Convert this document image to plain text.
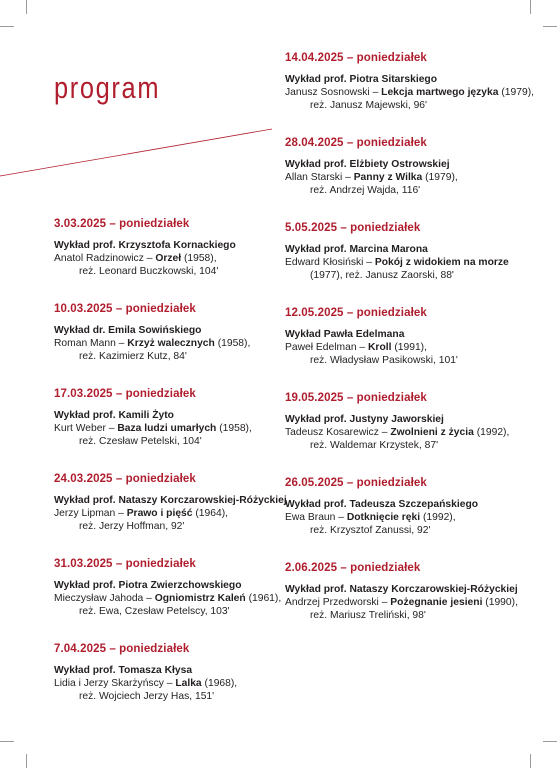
program
3.03.2025 – poniedziałek
Wykład prof. Krzysztofa Kornackiego
Anatol Radzinowicz – Orzeł (1958),
reż. Leonard Buczkowski, 104'
10.03.2025 – poniedziałek
Wykład dr. Emila Sowińskiego
Roman Mann – Krzyż walecznych (1958),
reż. Kazimierz Kutz, 84'
17.03.2025 – poniedziałek
Wykład prof. Kamili Żyto
Kurt Weber – Baza ludzi umarłych (1958),
reż. Czesław Petelski, 104'
24.03.2025 – poniedziałek
Wykład prof. Nataszy Korczarowskiej-Różyckiej
Jerzy Lipman – Prawo i pięść (1964),
reż. Jerzy Hoffman, 92'
31.03.2025 – poniedziałek
Wykład prof. Piotra Zwierzchowskiego
Mieczysław Jahoda – Ogniomistrz Kaleń (1961),
reż. Ewa, Czesław Petelscy, 103'
7.04.2025 – poniedziałek
Wykład prof. Tomasza Kłysa
Lidia i Jerzy Skarżyńscy – Lalka (1968),
reż. Wojciech Jerzy Has, 151'
14.04.2025 – poniedziałek
Wykład prof. Piotra Sitarskiego
Janusz Sosnowski – Lekcja martwego języka (1979),
reż. Janusz Majewski, 96'
28.04.2025 – poniedziałek
Wykład prof. Elżbiety Ostrowskiej
Allan Starski – Panny z Wilka (1979),
reż. Andrzej Wajda, 116'
5.05.2025 – poniedziałek
Wykład prof. Marcina Marona
Edward Kłosiński – Pokój z widokiem na morze
(1977), reż. Janusz Zaorski, 88'
12.05.2025 – poniedziałek
Wykład Pawła Edelmana
Paweł Edelman – Kroll (1991),
reż. Władysław Pasikowski, 101'
19.05.2025 – poniedziałek
Wykład prof. Justyny Jaworskiej
Tadeusz Kosarewicz – Zwolnieni z życia (1992),
reż. Waldemar Krzystek, 87'
26.05.2025 – poniedziałek
Wykład prof. Tadeusza Szczepańskiego
Ewa Braun – Dotknięcie ręki (1992),
reż. Krzysztof Zanussi, 92'
2.06.2025 – poniedziałek
Wykład prof. Nataszy Korczarowskiej-Różyckiej
Andrzej Przedworski – Pożegnanie jesieni (1990),
reż. Mariusz Treliński, 98'
